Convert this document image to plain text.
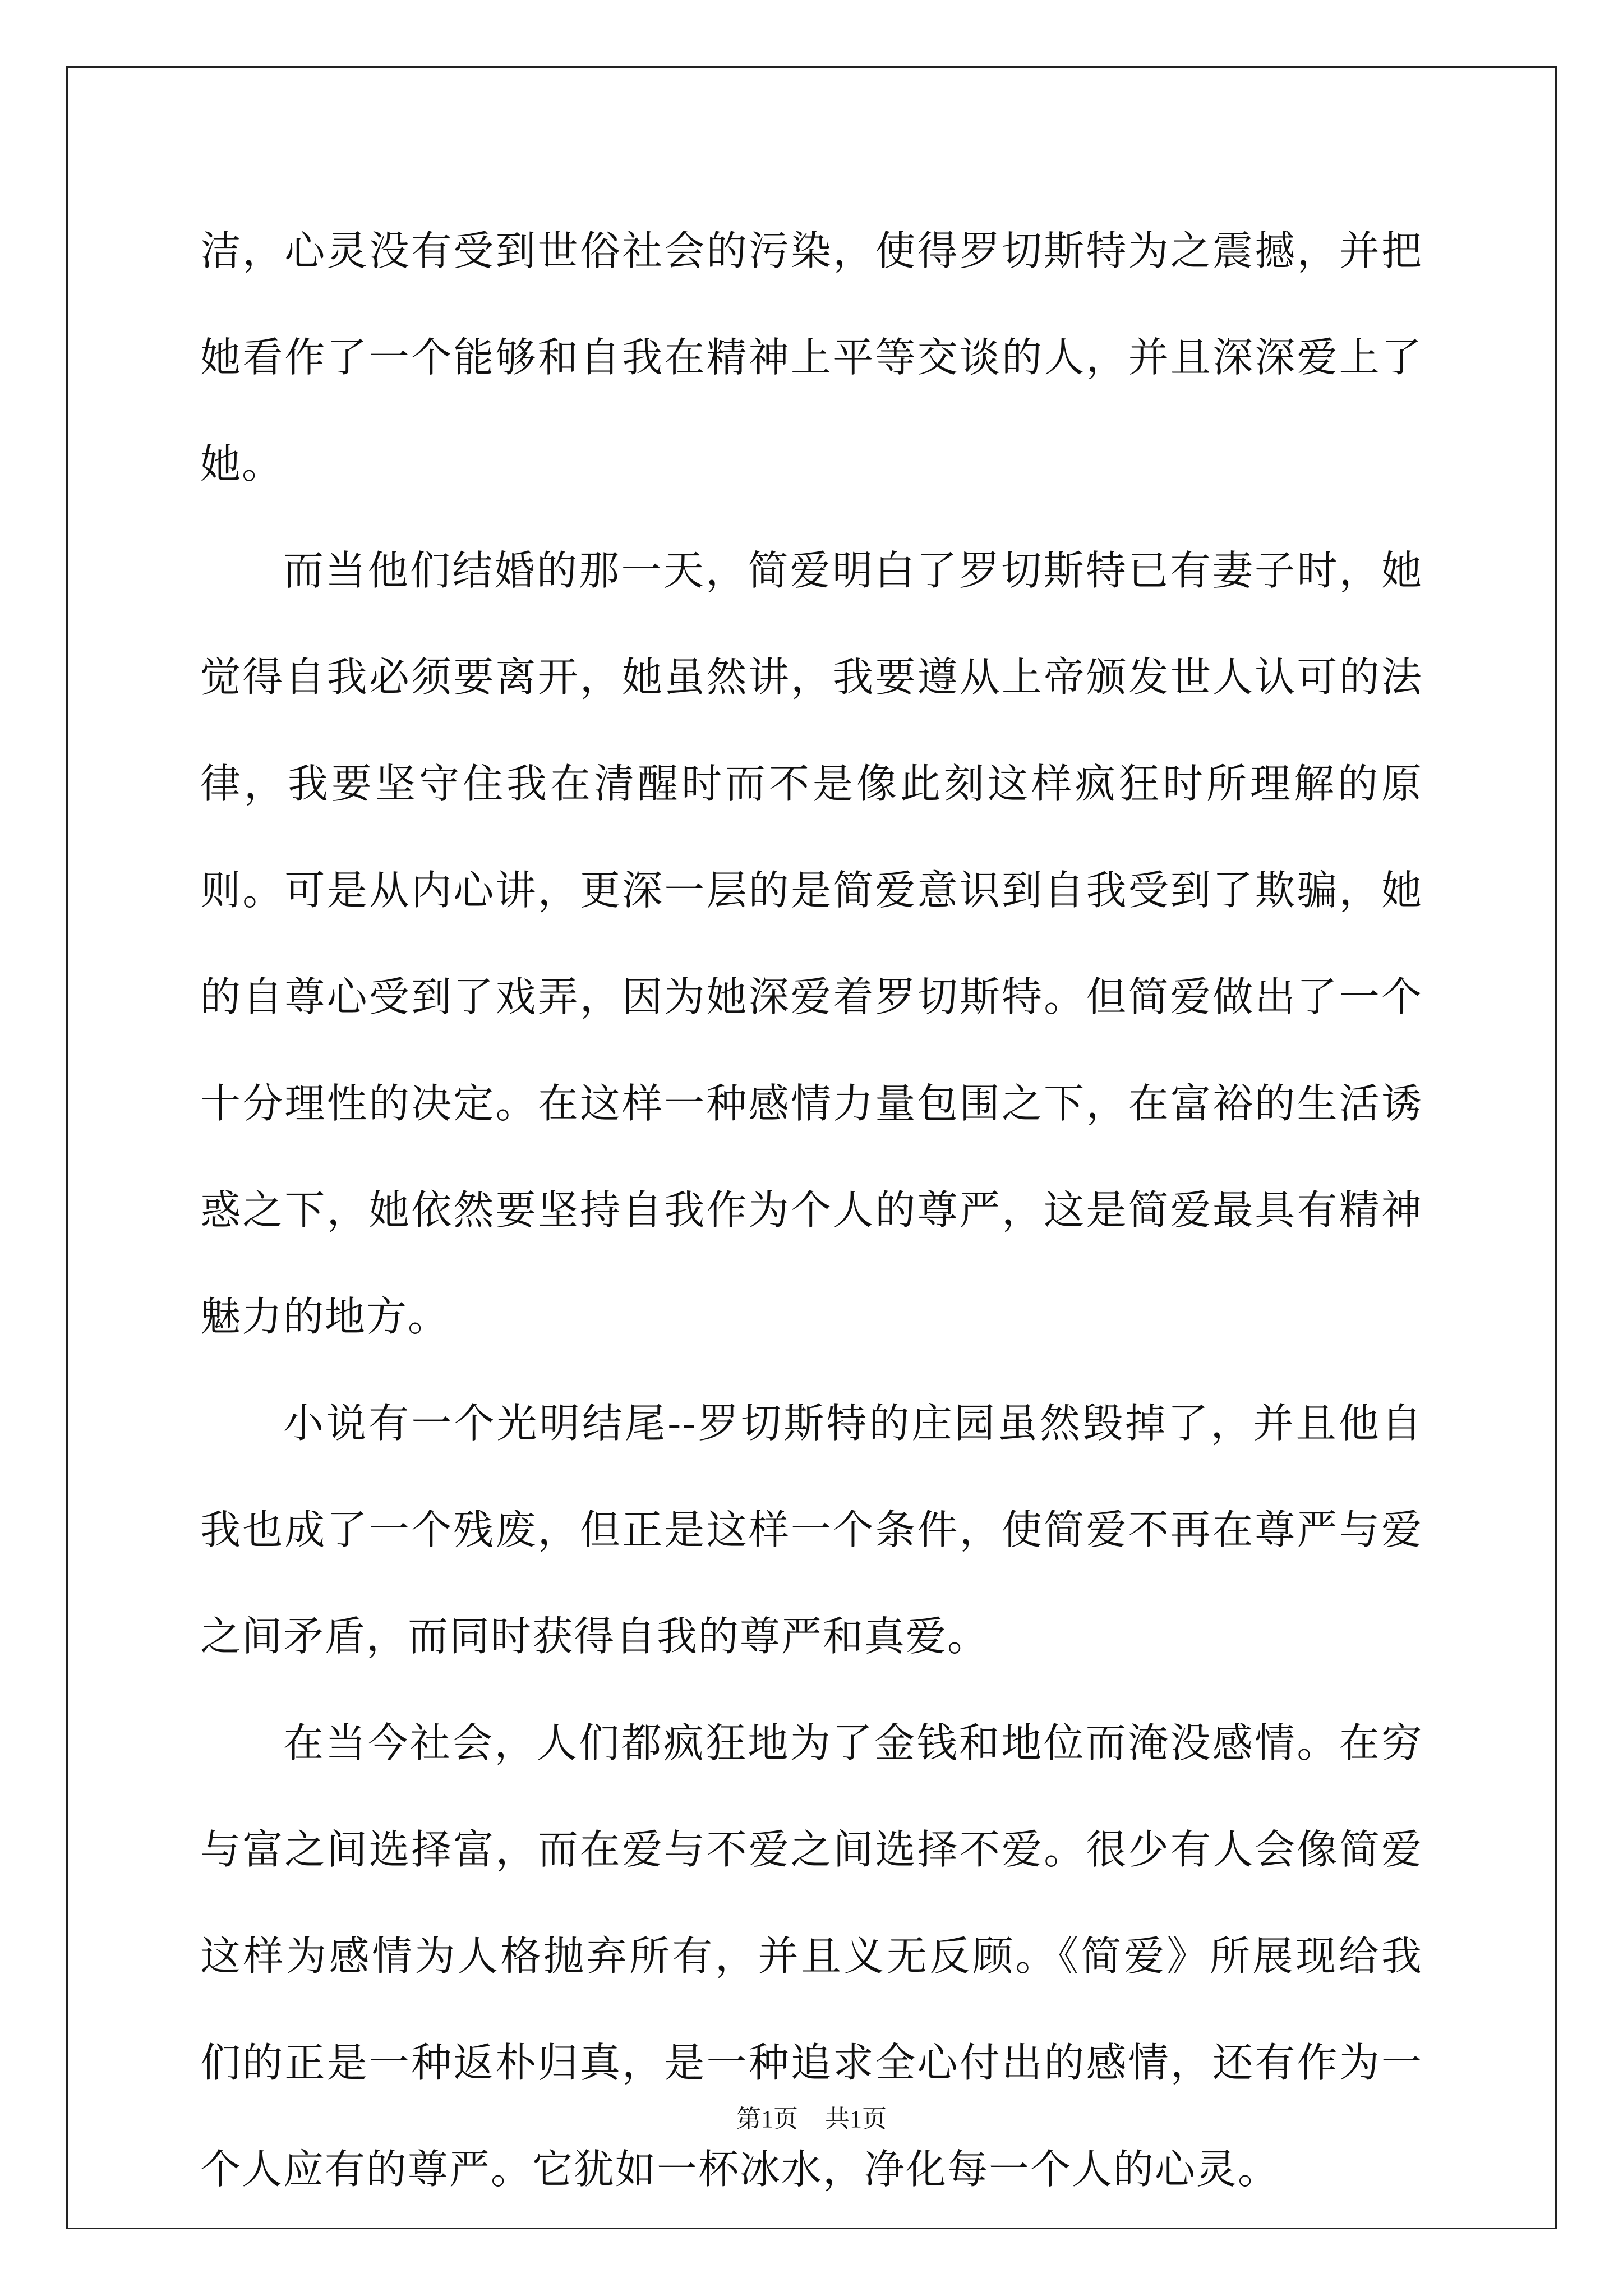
洁，心灵没有受到世俗社会的污染，使得罗切斯特为之震撼，并把她看作了一个能够和自我在精神上平等交谈的人，并且深深爱上了她。

而当他们结婚的那一天，简爱明白了罗切斯特已有妻子时，她觉得自我必须要离开，她虽然讲，我要遵从上帝颁发世人认可的法律，我要坚守住我在清醒时而不是像此刻这样疯狂时所理解的原则。可是从内心讲，更深一层的是简爱意识到自我受到了欺骗，她的自尊心受到了戏弄，因为她深爱着罗切斯特。但简爱做出了一个十分理性的决定。在这样一种感情力量包围之下，在富裕的生活诱惑之下，她依然要坚持自我作为个人的尊严，这是简爱最具有精神魅力的地方。

小说有一个光明结尾--罗切斯特的庄园虽然毁掉了，并且他自我也成了一个残废，但正是这样一个条件，使简爱不再在尊严与爱之间矛盾，而同时获得自我的尊严和真爱。

在当今社会，人们都疯狂地为了金钱和地位而淹没感情。在穷与富之间选择富，而在爱与不爱之间选择不爱。很少有人会像简爱这样为感情为人格抛弃所有，并且义无反顾。《简爱》所展现给我们的正是一种返朴归真，是一种追求全心付出的感情，还有作为一个人应有的尊严。它犹如一杯冰水，净化每一个人的心灵。

第1页 共1页
